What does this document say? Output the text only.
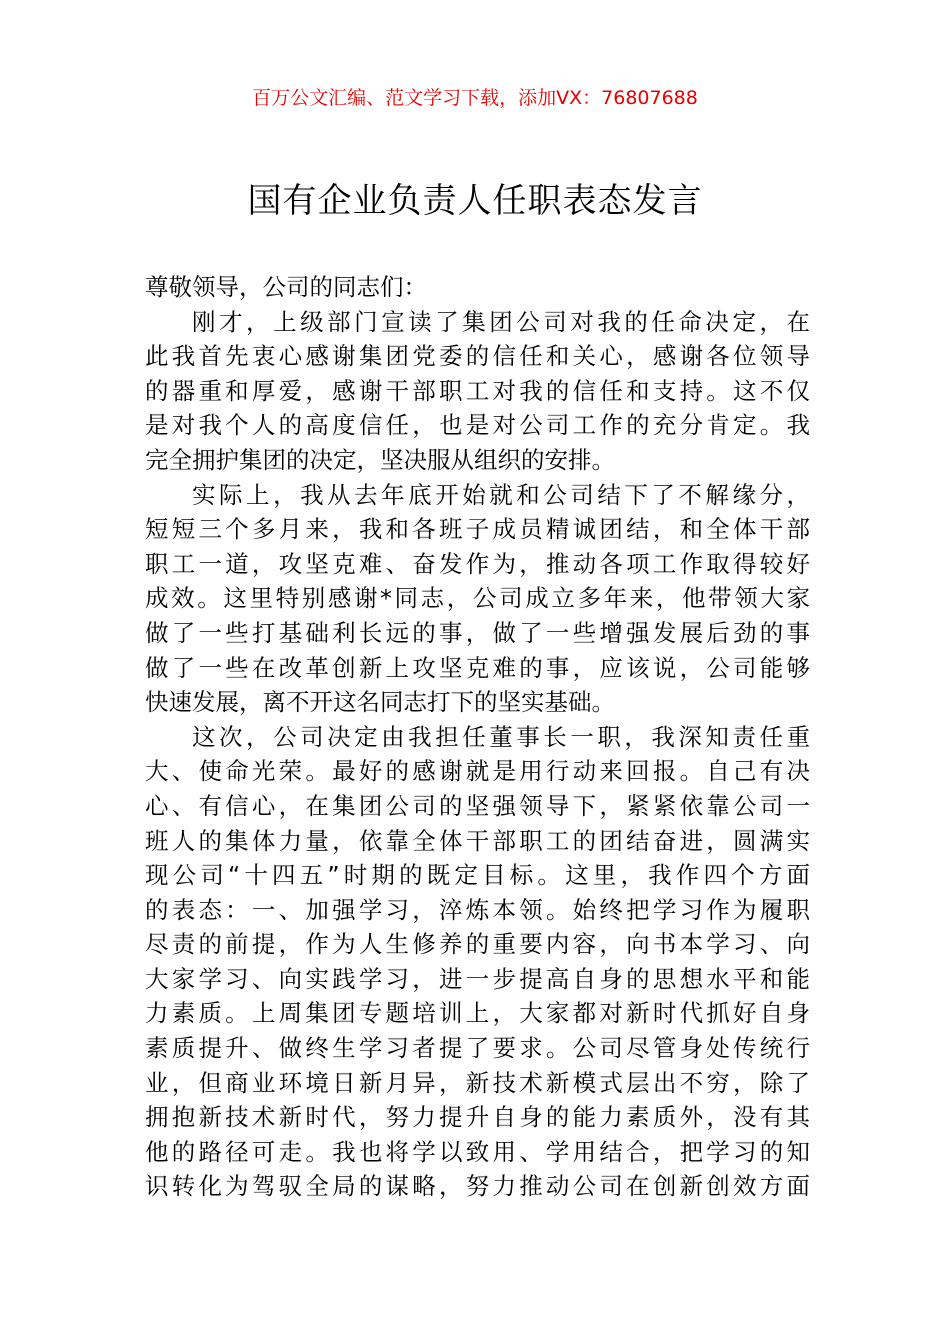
百万公文汇编、范文学习下载，添加VX：76807688
国有企业负责人任职表态发言
尊敬领导，公司的同志们：
刚才，上级部门宣读了集团公司对我的任命决定，在
此我首先衷心感谢集团党委的信任和关心，感谢各位领导
的器重和厚爱，感谢干部职工对我的信任和支持。这不仅
是对我个人的高度信任，也是对公司工作的充分肯定。我
完全拥护集团的决定，坚决服从组织的安排。
实际上，我从去年底开始就和公司结下了不解缘分，
短短三个多月来，我和各班子成员精诚团结，和全体干部
职工一道，攻坚克难、奋发作为，推动各项工作取得较好
成效。这里特别感谢*同志，公司成立多年来，他带领大家
做了一些打基础利长远的事，做了一些增强发展后劲的事
做了一些在改革创新上攻坚克难的事，应该说，公司能够
快速发展，离不开这名同志打下的坚实基础。
这次，公司决定由我担任董事长一职，我深知责任重
大、使命光荣。最好的感谢就是用行动来回报。自己有决
心、有信心，在集团公司的坚强领导下，紧紧依靠公司一
班人的集体力量，依靠全体干部职工的团结奋进，圆满实
现公司“十四五”时期的既定目标。这里，我作四个方面
的表态：一、加强学习，淬炼本领。始终把学习作为履职
尽责的前提，作为人生修养的重要内容，向书本学习、向
大家学习、向实践学习，进一步提高自身的思想水平和能
力素质。上周集团专题培训上，大家都对新时代抓好自身
素质提升、做终生学习者提了要求。公司尽管身处传统行
业，但商业环境日新月异，新技术新模式层出不穷，除了
拥抱新技术新时代，努力提升自身的能力素质外，没有其
他的路径可走。我也将学以致用、学用结合，把学习的知
识转化为驾驭全局的谋略，努力推动公司在创新创效方面
